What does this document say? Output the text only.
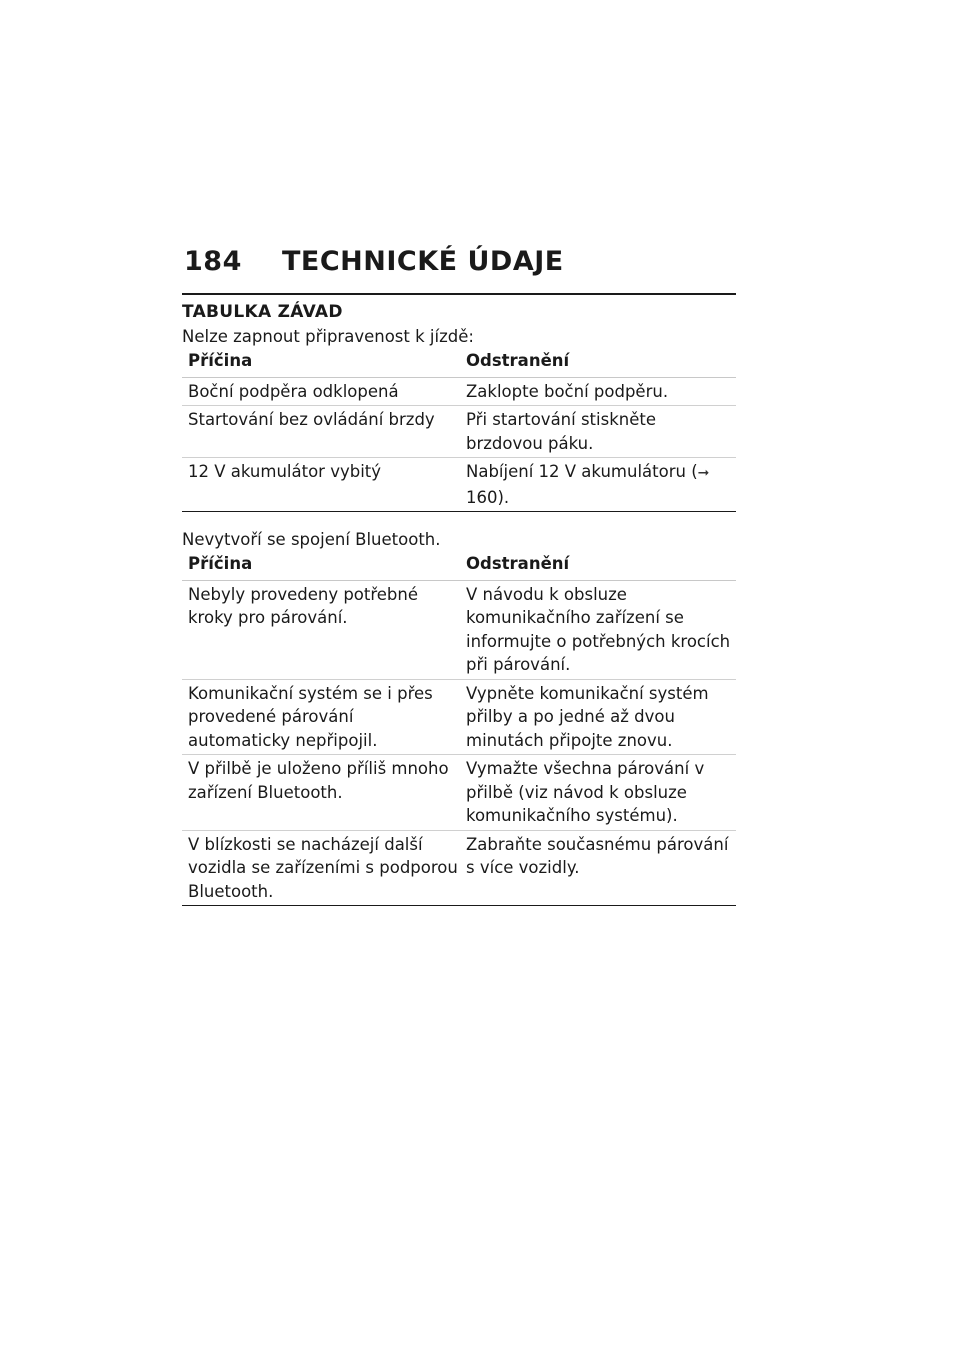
184	TECHNICKÉ ÚDAJE
TABULKA ZÁVAD
Nelze zapnout připravenost k jízdě:
Příčina	Odstranění
Boční podpěra odklopená	Zaklopte boční podpěru.
Startování bez ovládání brzdy	Při startování stiskněte brzdovou páku.
12 V akumulátor vybitý	Nabíjení 12 V akumulátoru (➞160).
Nevytvoří se spojení Bluetooth.
Příčina	Odstranění
Nebyly provedeny potřebné kroky pro párování.	V návodu k obsluze komunikačního zařízení se informujte o potřebných krocích při párování.
Komunikační systém se i přes provedené párování automaticky nepřipojil.	Vypněte komunikační systém přilby a po jedné až dvou minutách připojte znovu.
V přilbě je uloženo příliš mnoho zařízení Bluetooth.	Vymažte všechna párování v přilbě (viz návod k obsluze komunikačního systému).
V blízkosti se nacházejí další vozidla se zařízeními s podporou Bluetooth.	Zabraňte současnému párování s více vozidly.
